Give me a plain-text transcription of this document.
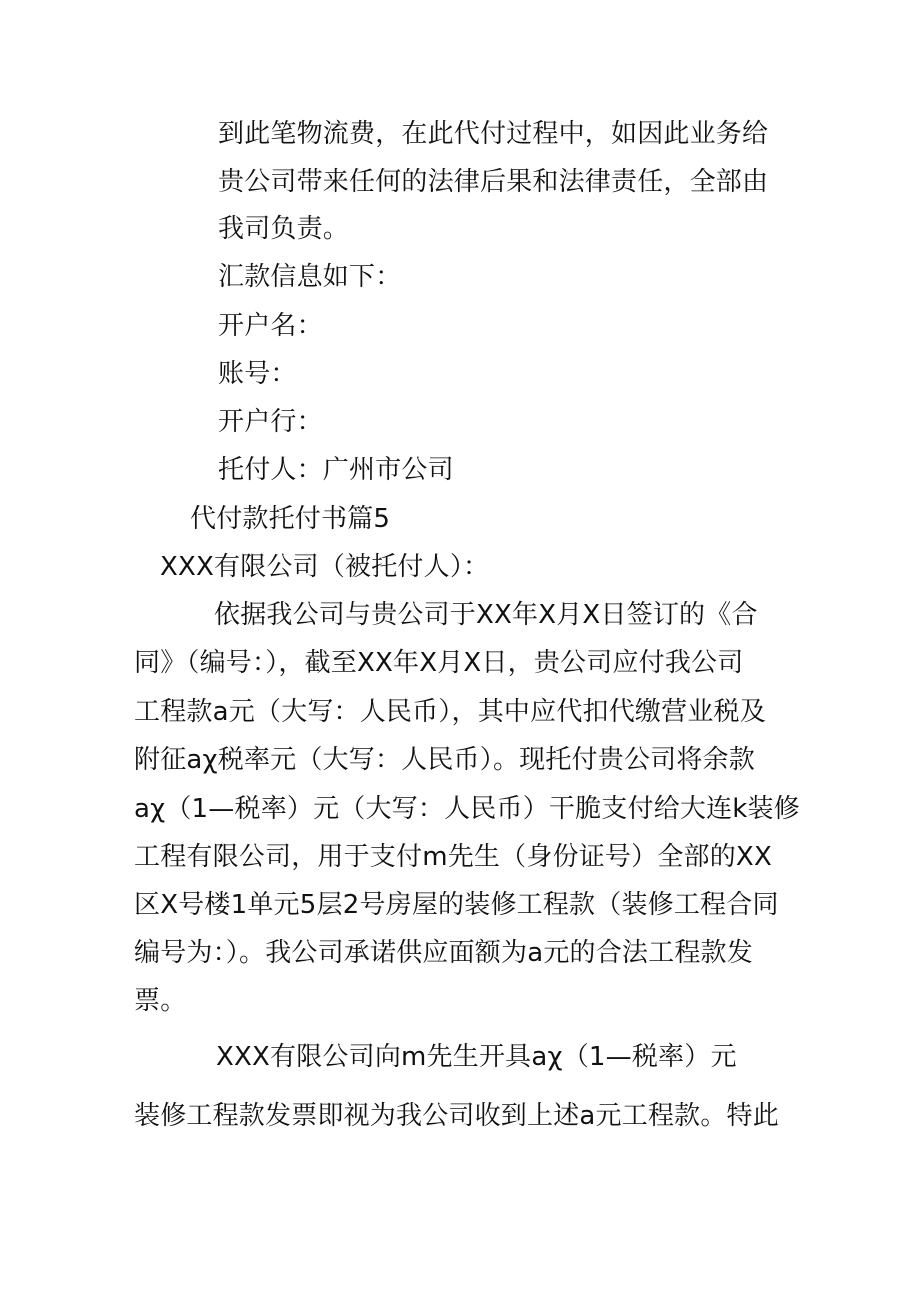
到此笔物流费，在此代付过程中，如因此业务给

贵公司带来任何的法律后果和法律责任，全部由

我司负责。

汇款信息如下：

开户名：

账号：

开户行：

托付人：广州市公司

代付款托付书篇5

XXX有限公司（被托付人）：

依据我公司与贵公司于XX年X月X日签订的《合

同》（编号：），截至XX年X月X日，贵公司应付我公司

工程款a元（大写：人民币），其中应代扣代缴营业税及

附征aχ税率元（大写：人民币）。现托付贵公司将余款

aχ（1—税率）元（大写：人民币）干脆支付给大连k装修

工程有限公司，用于支付m先生（身份证号）全部的XX

区X号楼1单元5层2号房屋的装修工程款（装修工程合同

编号为：）。我公司承诺供应面额为a元的合法工程款发

票。

XXX有限公司向m先生开具aχ（1—税率）元

装修工程款发票即视为我公司收到上述a元工程款。特此
